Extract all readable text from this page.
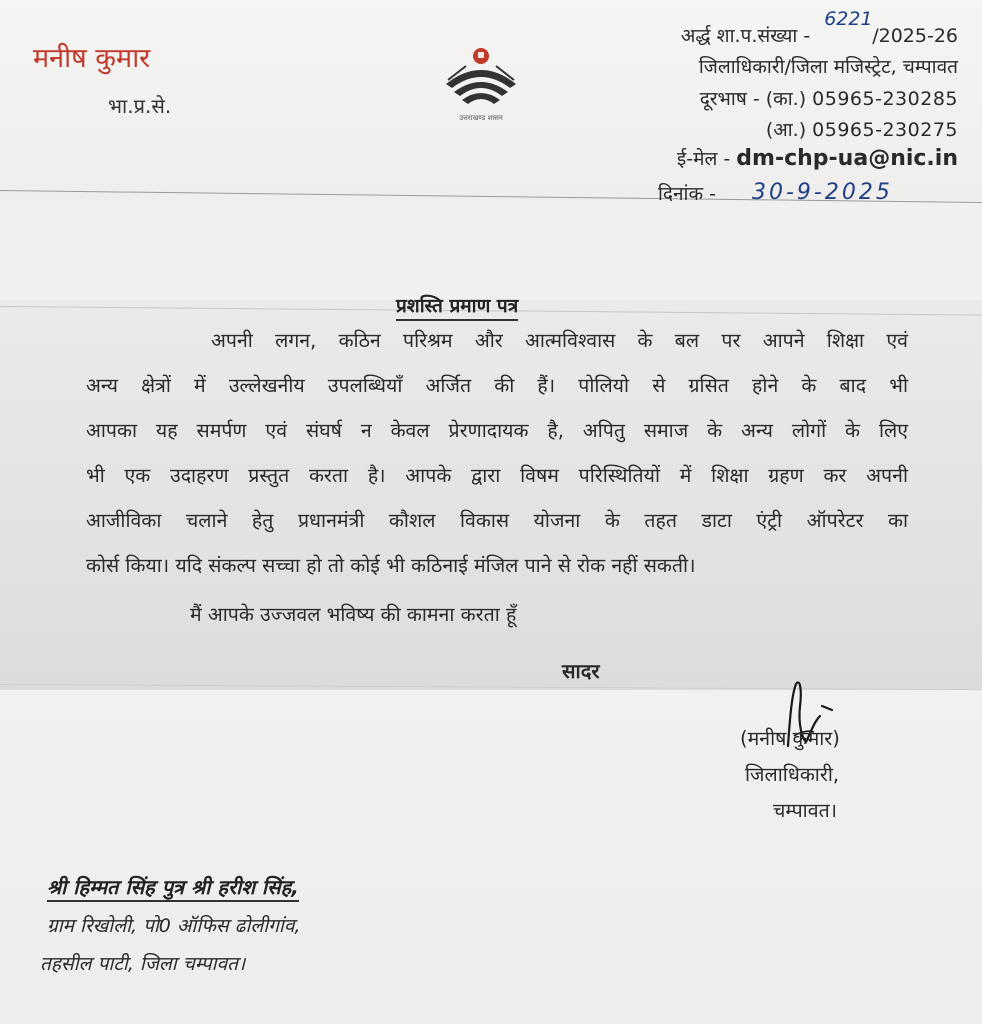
मनीष कुमार
भा.प्र.से.	उत्तराखण्ड शासन
अर्द्ध शा.प.संख्या -
6221
/2025-26
जिलाधिकारी/जिला मजिस्ट्रेट, चम्पावत
दूरभाष - (का.) 05965-230285
(आ.) 05965-230275
ई-मेल - dm-chp-ua@nic.in
दिनांक - 30-9-2025
प्रशस्ति प्रमाण पत्र
अपनी लगन, कठिन परिश्रम और आत्मविश्वास के बल पर आपने शिक्षा एवं
अन्य क्षेत्रों में उल्लेखनीय उपलब्धियाँ अर्जित की हैं। पोलियो से ग्रसित होने के बाद भी
आपका यह समर्पण एवं संघर्ष न केवल प्रेरणादायक है, अपितु समाज के अन्य लोगों के लिए
भी एक उदाहरण प्रस्तुत करता है। आपके द्वारा विषम परिस्थितियों में शिक्षा ग्रहण कर अपनी
आजीविका चलाने हेतु प्रधानमंत्री कौशल विकास योजना के तहत डाटा एंट्री ऑपरेटर का
कोर्स किया। यदि संकल्प सच्चा हो तो कोई भी कठिनाई मंजिल पाने से रोक नहीं सकती।
मैं आपके उज्जवल भविष्य की कामना करता हूँ
सादर
(मनीष कुमार)
जिलाधिकारी,
चम्पावत।
श्री हिम्मत सिंह पुत्र श्री हरीश सिंह,
ग्राम रिखोली, पो0 ऑफिस ढोलीगांव,
तहसील पाटी, जिला चम्पावत।
